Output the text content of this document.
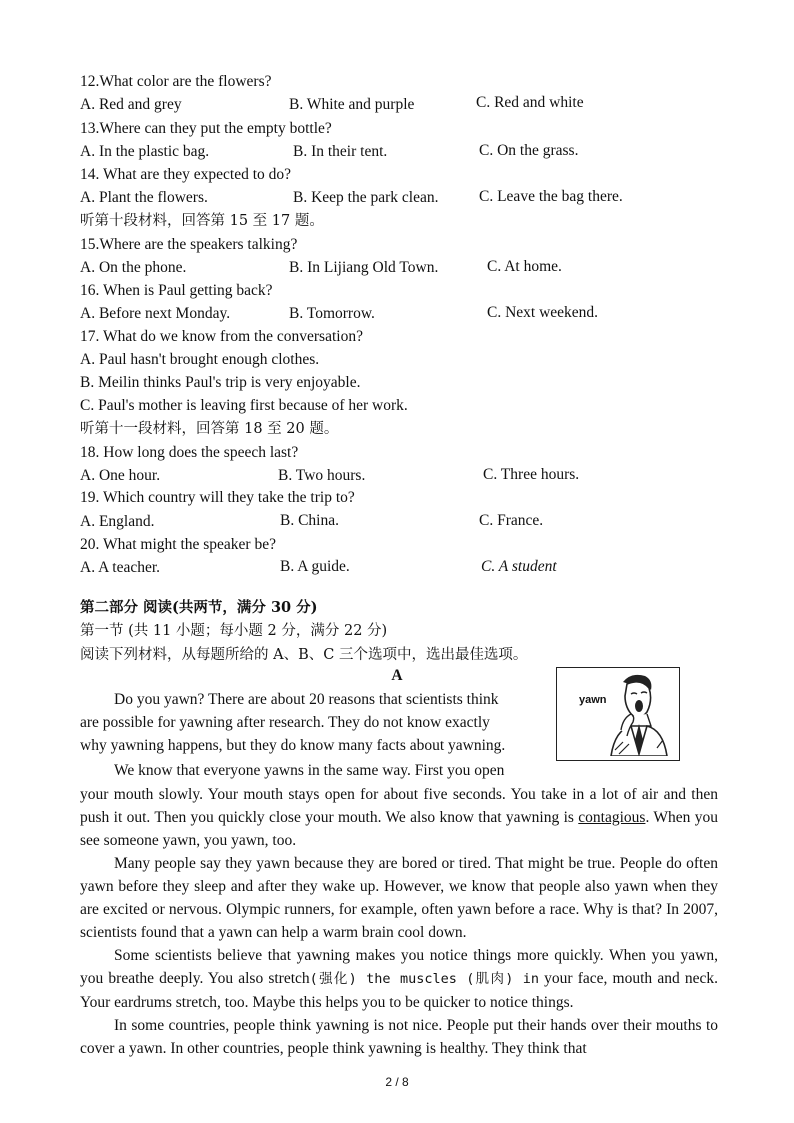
12.What color are the flowers?
A. Red and grey	B. White and purple	C. Red and white
13.Where can they put the empty bottle?
A. In the plastic bag.	B. In their tent.	C. On the grass.
14. What are they expected to do?
A. Plant the flowers.	B. Keep the park clean.	C. Leave the bag there.
听第十段材料，回答第 15 至 17 题。
15.Where are the speakers talking?
A. On the phone.	B. In Lijiang Old Town.	C. At home.
16. When is Paul getting back?
A. Before next Monday.	B. Tomorrow.	C. Next weekend.
17. What do we know from the conversation?
A. Paul hasn't brought enough clothes.
B. Meilin thinks Paul's trip is very enjoyable.
C. Paul's mother is leaving first because of her work.
听第十一段材料，回答第 18 至 20 题。
18. How long does the speech last?
A. One hour.	B. Two hours.	C. Three hours.
19. Which country will they take the trip to?
A. England.	B. China.	C. France.
20. What might the speaker be?
A. A teacher.	B. A guide.	C. A student
第二部分 阅读(共两节，满分 30 分)
第一节 (共 11 小题；每小题 2 分，满分 22 分)
阅读下列材料，从每题所给的 A、B、C 三个选项中，选出最佳选项。
A
yawn
Do you yawn? There are about 20 reasons that scientists think
are possible for yawning after research. They do not know exactly
why yawning happens, but they do know many facts about yawning.
We know that everyone yawns in the same way. First you open

your mouth slowly. Your mouth stays open for about five seconds. You take in a lot of air and then push it out. Then you quickly close your mouth. We also know that yawning is contagious. When you see someone yawn, you yawn, too.

Many people say they yawn because they are bored or tired. That might be true. People do often yawn before they sleep and after they wake up. However, we know that people also yawn when they are excited or nervous. Olympic runners, for example, often yawn before a race. Why is that? In 2007, scientists found that a yawn can help a warm brain cool down.

Some scientists believe that yawning makes you notice things more quickly. When you yawn, you breathe deeply. You also stretch(强化) the muscles (肌肉) in your face, mouth and neck. Your eardrums stretch, too. Maybe this helps you to be quicker to notice things.

In some countries, people think yawning is not nice. People put their hands over their mouths to cover a yawn. In other countries, people think yawning is healthy. They think that

2 / 8
